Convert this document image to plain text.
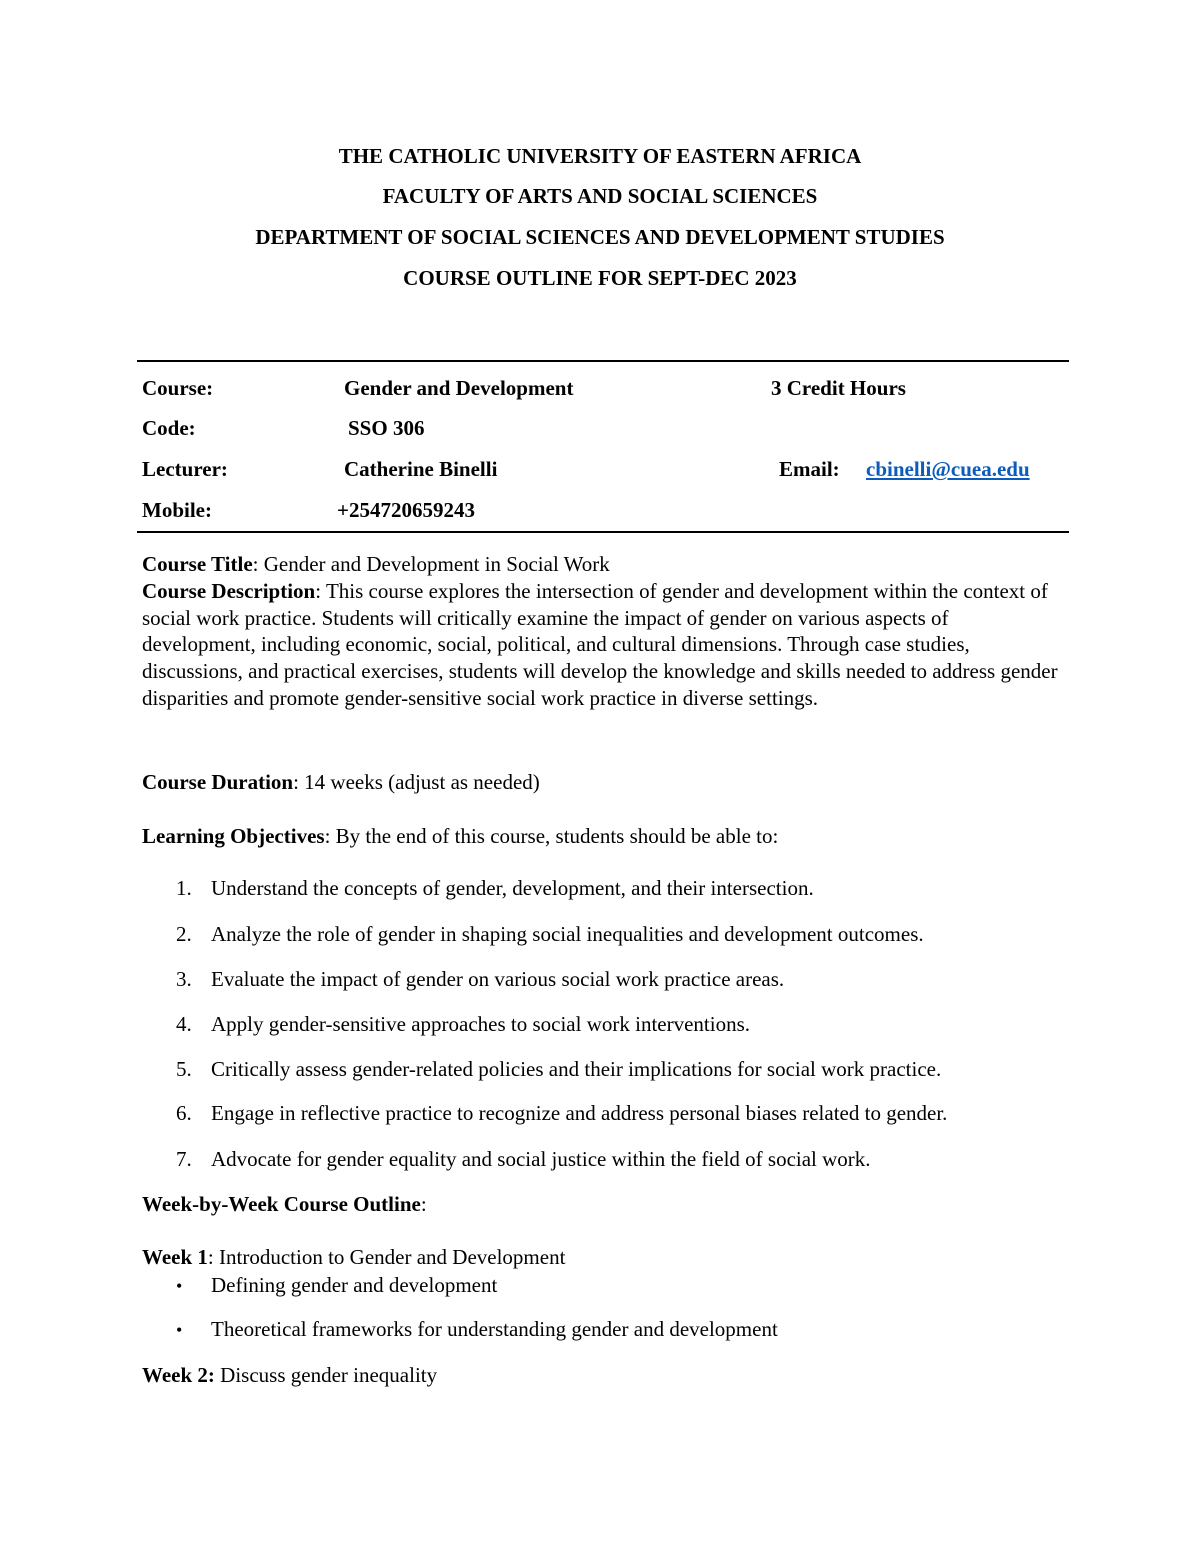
THE CATHOLIC UNIVERSITY OF EASTERN AFRICA
FACULTY OF ARTS AND SOCIAL SCIENCES
DEPARTMENT OF SOCIAL SCIENCES AND DEVELOPMENT STUDIES
COURSE OUTLINE FOR SEPT-DEC 2023
Course:	Gender and Development	3 Credit Hours
Code:	SSO 306
Lecturer:	Catherine Binelli	Email: cbinelli@cuea.edu
Mobile:	+254720659243
Course Title: Gender and Development in Social Work
Course Description: This course explores the intersection of gender and development within the context of social work practice. Students will critically examine the impact of gender on various aspects of development, including economic, social, political, and cultural dimensions. Through case studies, discussions, and practical exercises, students will develop the knowledge and skills needed to address gender disparities and promote gender-sensitive social work practice in diverse settings.
Course Duration: 14 weeks (adjust as needed)
Learning Objectives: By the end of this course, students should be able to:
1. Understand the concepts of gender, development, and their intersection.
2. Analyze the role of gender in shaping social inequalities and development outcomes.
3. Evaluate the impact of gender on various social work practice areas.
4. Apply gender-sensitive approaches to social work interventions.
5. Critically assess gender-related policies and their implications for social work practice.
6. Engage in reflective practice to recognize and address personal biases related to gender.
7. Advocate for gender equality and social justice within the field of social work.
Week-by-Week Course Outline:
Week 1: Introduction to Gender and Development
• Defining gender and development
• Theoretical frameworks for understanding gender and development
Week 2: Discuss gender inequality
